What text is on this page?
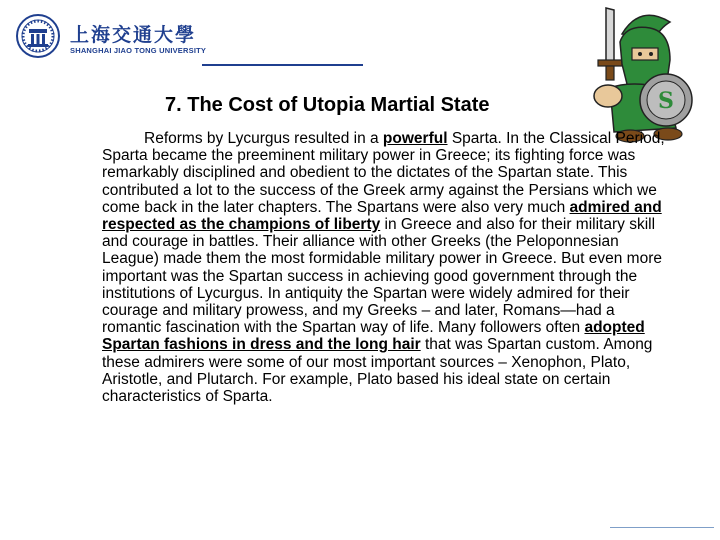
上海交通大學
SHANGHAI JIAO TONG UNIVERSITY
S
7. The Cost of Utopia Martial State

Reforms by Lycurgus resulted in a powerful Sparta. In the Classical Period, Sparta became the preeminent military power in Greece; its fighting force was remarkably disciplined and obedient to the dictates of the Spartan state. This contributed a lot to the success of the Greek army against the Persians which we come back in the later chapters. The Spartans were also very much admired and respected as the champions of liberty in Greece and also for their military skill and courage in battles. Their alliance with other Greeks (the Peloponnesian League) made them the most formidable military power in Greece. But even more important was the Spartan success in achieving good government through the institutions of Lycurgus. In antiquity the Spartan were widely admired for their courage and military prowess, and my Greeks – and later, Romans—had a romantic fascination with the Spartan way of life. Many followers often adopted Spartan fashions in dress and the long hair that was Spartan custom. Among these admirers were some of our most important sources – Xenophon, Plato, Aristotle, and Plutarch. For example, Plato based his ideal state on certain characteristics of Sparta.
